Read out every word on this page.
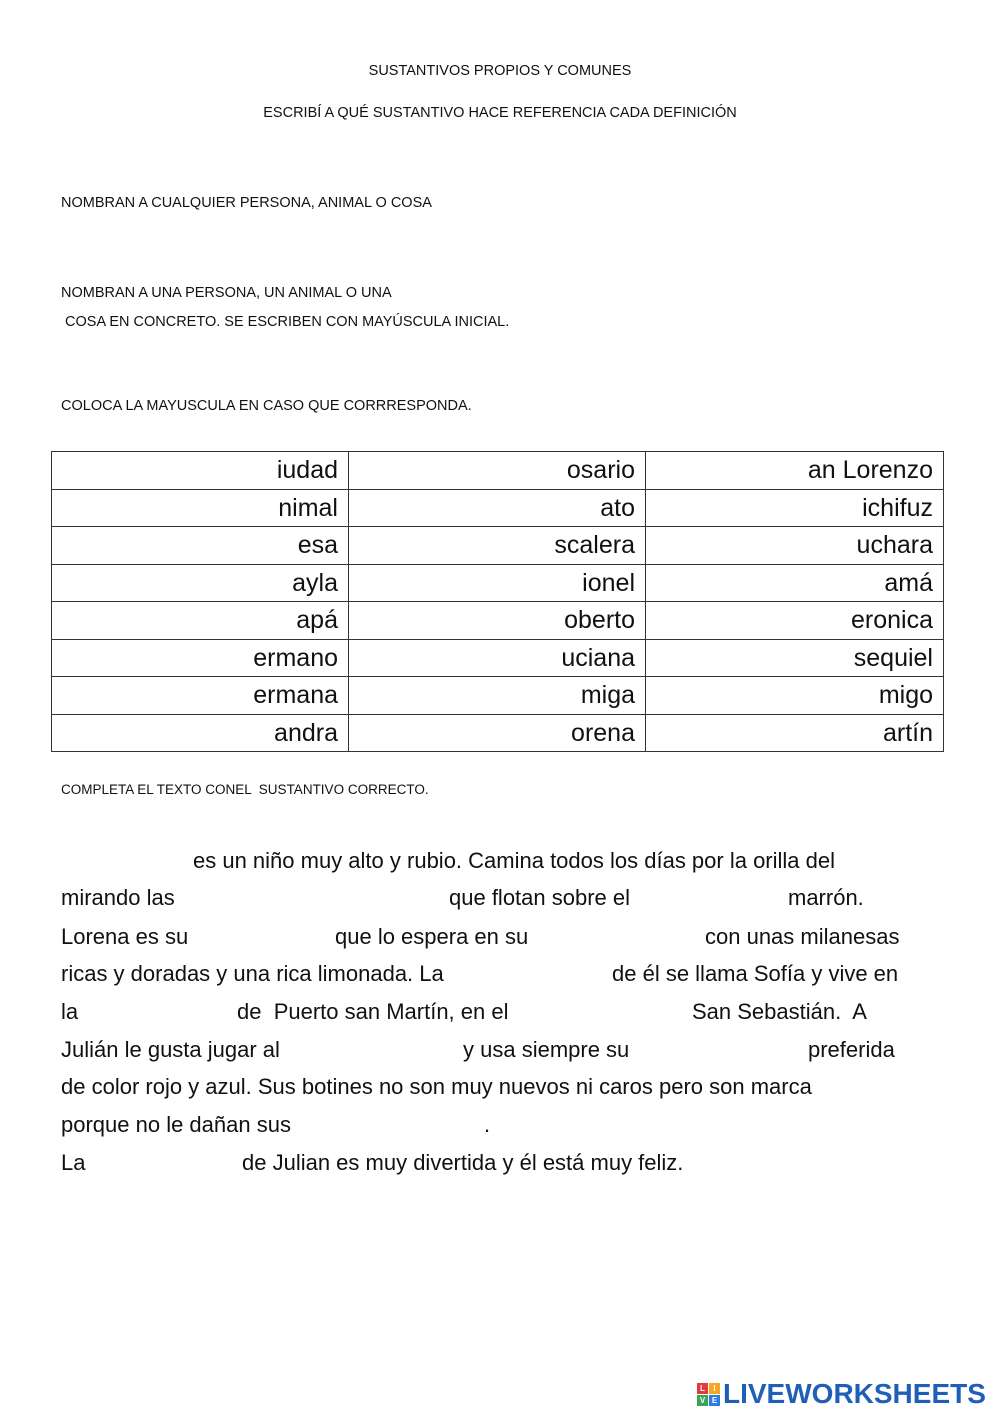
SUSTANTIVOS PROPIOS Y COMUNES
ESCRIBÍ A QUÉ SUSTANTIVO HACE REFERENCIA CADA DEFINICIÓN
NOMBRAN A CUALQUIER PERSONA, ANIMAL O COSA
NOMBRAN A UNA PERSONA, UN ANIMAL O UNA
COSA EN CONCRETO. SE ESCRIBEN CON MAYÚSCULA INICIAL.
COLOCA LA MAYUSCULA EN CASO QUE CORRRESPONDA.
iudad	osario	an Lorenzo
nimal	ato	ichifuz
esa	scalera	uchara
ayla	ionel	amá
apá	oberto	eronica
ermano	uciana	sequiel
ermana	miga	migo
andra	orena	artín
COMPLETA EL TEXTO CONEL  SUSTANTIVO CORRECTO.
es un niño muy alto y rubio. Camina todos los días por la orilla del
mirando las	que flotan sobre el	marrón.
Lorena es su	que lo espera en su	con unas milanesas
ricas y doradas y una rica limonada. La	de él se llama Sofía y vive en
la	de  Puerto san Martín, en el	San Sebastián.  A
Julián le gusta jugar al	y usa siempre su	preferida
de color rojo y azul. Sus botines no son muy nuevos ni caros pero son marca
porque no le dañan sus	.
La	de Julian es muy divertida y él está muy feliz.
L	I
V E LIVEWORKSHEETS
